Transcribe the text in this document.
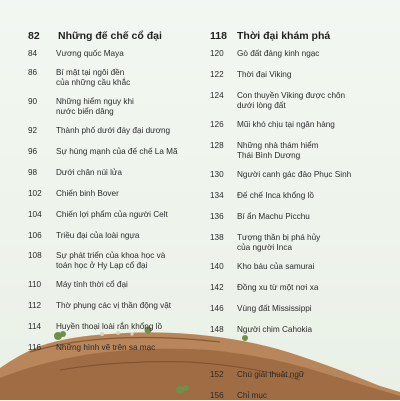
82	Những đế chế cổ đại
84	Vương quốc Maya
86	Bí mật tại ngôi đền
của những cầu khắc
90	Những hiểm nguy khi
nước biển dâng
92	Thành phố dưới đáy đại dương
96	Sự hùng mạnh của đế chế La Mã
98	Dưới chân núi lửa
102	Chiến binh Bover
104	Chiến lợi phẩm của người Celt
106	Triều đại của loài ngựa
108	Sự phát triển của khoa học và
toán học ở Hy Lạp cổ đại
110	Máy tính thời cổ đại
112	Thờ phụng các vị thần động vật
114	Huyền thoại loài rắn khổng lồ
116	Những hình vẽ trên sa mạc
118 Thời đại khám phá
120	Gò đất đáng kinh ngạc
122	Thời đại Viking
124	Con thuyền Viking được chôn
dưới lòng đất
126	Mũi khó chịu tại ngân hàng
128	Những nhà thám hiểm
Thái Bình Dương
130	Người canh gác đảo Phục Sinh
134	Đế chế Inca khổng lồ
136	Bí ẩn Machu Picchu
138	Tượng thần bị phá hủy
của người Inca
140	Kho báu của samurai
142	Đồng xu từ một nơi xa
146	Vùng đất Mississippi
148	Người chim Cahokia
152	Chú giải thuật ngữ
156	Chỉ mục
